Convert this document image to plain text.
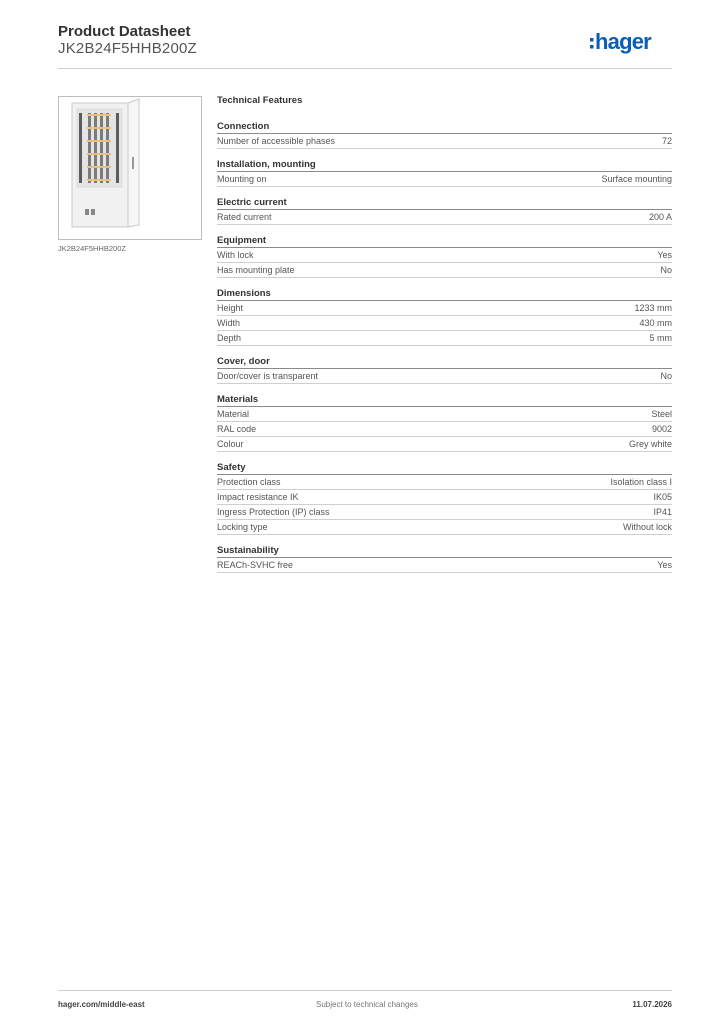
Product Datasheet
JK2B24F5HHB200Z	hager
JK2B24F5HHB200Z
Technical Features
Connection
Number of accessible phases	72
Installation, mounting
Mounting on	Surface mounting
Electric current
Rated current	200 A
Equipment
With lock	Yes
Has mounting plate	No
Dimensions
Height	1233 mm
Width	430 mm
Depth	5 mm
Cover, door
Door/cover is transparent	No
Materials
Material	Steel
RAL code	9002
Colour	Grey white
Safety
Protection class	Isolation class I
Impact resistance IK	IK05
Ingress Protection (IP) class	IP41
Locking type	Without lock
Sustainability
REACh-SVHC free	Yes
hager.com/middle-east	Subject to technical changes	11.07.2026
